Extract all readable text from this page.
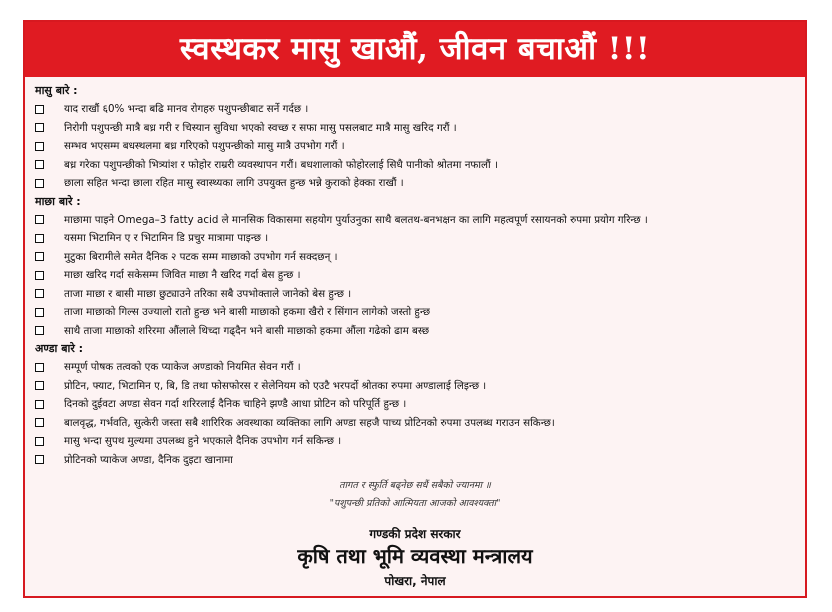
स्वस्थकर मासु खाऔं, जीवन बचाऔं !!!
मासु बारे :
याद राखौं ६0% भन्दा बढि मानव रोगहरु पशुपन्छीबाट सर्ने गर्दछ ।
निरोगी पशुपन्छी मात्रै बध्र गरी र चिस्यान सुविधा भएको स्वच्छ र सफा मासु पसलबाट मात्रै मासु खरिद गरौं ।
सम्भव भएसम्म बधस्थलमा बध्र गरिएको पशुपन्छीको मासु मात्रै उपभोग गरौं ।
बध्र गरेका पशुपन्छीको भित्र्यांश र फोहोर राम्ररी व्यवस्थापन गरौं। बधशालाको फोहोरलाई सिधै पानीको श्रोतमा नफालौं ।
छाला सहित भन्दा छाला रहित मासु स्वास्थ्यका लागि उपयुक्त हुन्छ भन्ने कुराको हेक्का राखौं ।
माछा बारे :
माछामा पाइने Omega–3 fatty acid ले मानसिक विकासमा सहयोग पुर्याउनुका साथै बलतथ-बनभक्षन का लागि महत्वपूर्ण रसायनको रुपमा प्रयोग गरिन्छ ।
यसमा भिटामिन ए र भिटामिन डि प्रचुर मात्रामा पाइन्छ ।
मुटुका बिरामीले समेत दैनिक २ पटक सम्म माछाको उपभोग गर्न सक्दछन् ।
माछा खरिद गर्दा सकेसम्म जिवित माछा नै खरिद गर्दा बेस हुन्छ ।
ताजा माछा र बासी माछा छुट्याउने तरिका सबै उपभोक्ताले जानेको बेस हुन्छ ।
ताजा माछाको गिल्स उज्यालो रातो हुन्छ भने बासी माछाको हकमा खैरो र सिंगान लागेको जस्तो हुन्छ
साथै ताजा माछाको शरिरमा औंलाले थिच्दा गढ्दैन भने बासी माछाको हकमा औंला गढेको ढाम बस्छ
अण्डा बारे :
सम्पूर्ण पोषक तत्वको एक प्याकेज अण्डाको नियमित सेवन गरौं ।
प्रोटिन, फ्याट, भिटामिन ए, बि, डि तथा फोसफोरस र सेलेनियम को एउटै भरपर्दो श्रोतका रुपमा अण्डालाई लिइन्छ ।
दिनको दुईवटा अण्डा सेवन गर्दा शरिरलाई दैनिक चाहिने झण्डै आधा प्रोटिन को परिपूर्ति हुन्छ ।
बालवृद्ध, गर्भवति, सुत्केरी जस्ता सबै शारिरिक अवस्थाका व्यक्तिका लागि अण्डा सहजै पाच्य प्रोटिनको रुपमा उपलब्ध गराउन सकिन्छ।
मासु भन्दा सुपथ मुल्यमा उपलब्ध हुने भएकाले दैनिक उपभोग गर्न सकिन्छ ।
प्रोटिनको प्याकेज अण्डा, दैनिक दुइटा खानामा
तागत र स्फुर्ति बढ्नेछ सधैं सबैको ज्यानमा ॥
"पशुपन्छी प्रतिको आत्मियता आजको आवश्यक्ता"
गण्डकी प्रदेश सरकार
कृषि तथा भूमि व्यवस्था मन्त्रालय
पोखरा, नेपाल
